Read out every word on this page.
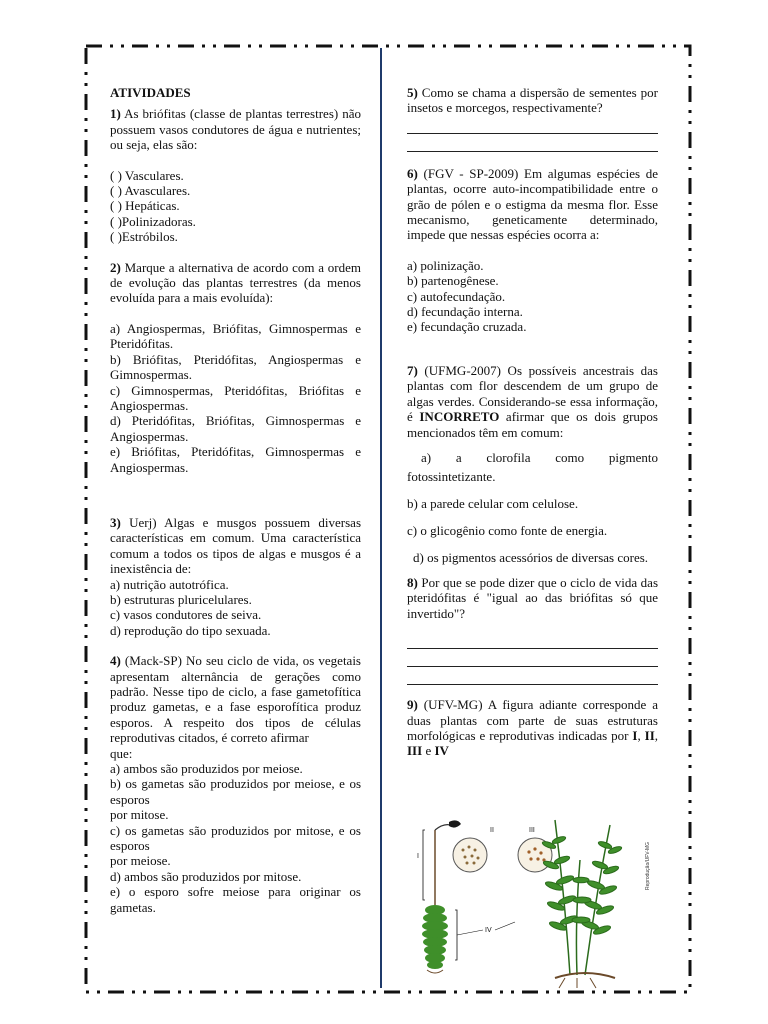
ATIVIDADES

1) As briófitas (classe de plantas terrestres) não possuem vasos condutores de água e nutrientes; ou seja, elas são:

( ) Vasculares.
( ) Avasculares.
( ) Hepáticas.
( )Polinizadoras.
( )Estróbilos.

2) Marque a alternativa de acordo com a ordem de evolução das plantas terrestres (da menos evoluída para a mais evoluída):

a) Angiospermas, Briófitas, Gimnospermas e Pteridófitas.
b) Briófitas, Pteridófitas, Angiospermas e Gimnospermas.
c) Gimnospermas, Pteridófitas, Briófitas e Angiospermas.
d) Pteridófitas, Briófitas, Gimnospermas e Angiospermas.
e) Briófitas, Pteridófitas, Gimnospermas e Angiospermas.

3) Uerj) Algas e musgos possuem diversas características em comum. Uma característica comum a todos os tipos de algas e musgos é a inexistência de:

a) nutrição autotrófica.
b) estruturas pluricelulares.
c) vasos condutores de seiva.
d) reprodução do tipo sexuada.

4) (Mack-SP) No seu ciclo de vida, os vegetais apresentam alternância de gerações como padrão. Nesse tipo de ciclo, a fase gametofítica produz gametas, e a fase esporofítica produz esporos. A respeito dos tipos de células reprodutivas citados, é correto afirmar

que:
a) ambos são produzidos por meiose.
b) os gametas são produzidos por meiose, e os esporos
por mitose.
c) os gametas são produzidos por mitose, e os esporos
por meiose.
d) ambos são produzidos por mitose.
e) o esporo sofre meiose para originar os gametas.

5) Como se chama a dispersão de sementes por insetos e morcegos, respectivamente?

6) (FGV - SP-2009) Em algumas espécies de plantas, ocorre auto-incompatibilidade entre o grão de pólen e o estigma da mesma flor. Esse mecanismo, geneticamente determinado, impede que nessas espécies ocorra a:

a) polinização.
b) partenogênese.
c) autofecundação.
d) fecundação interna.
e) fecundação cruzada.

7) (UFMG-2007) Os possíveis ancestrais das plantas com flor descendem de um grupo de algas verdes. Considerando-se essa informação, é INCORRETO afirmar que os dois grupos mencionados têm em comum:

a) a clorofila como pigmento fotossintetizante.
b) a parede celular com celulose.
c) o glicogênio como fonte de energia.
d) os pigmentos acessórios de diversas cores.

8) Por que se pode dizer que o ciclo de vida das pteridófitas é "igual ao das briófitas só que invertido"?

9) (UFV-MG) A figura adiante corresponde a duas plantas com parte de suas estruturas morfológicas e reprodutivas indicadas por I, II, III e IV

I
II	III
IV
Reprodução/UFV-MG
